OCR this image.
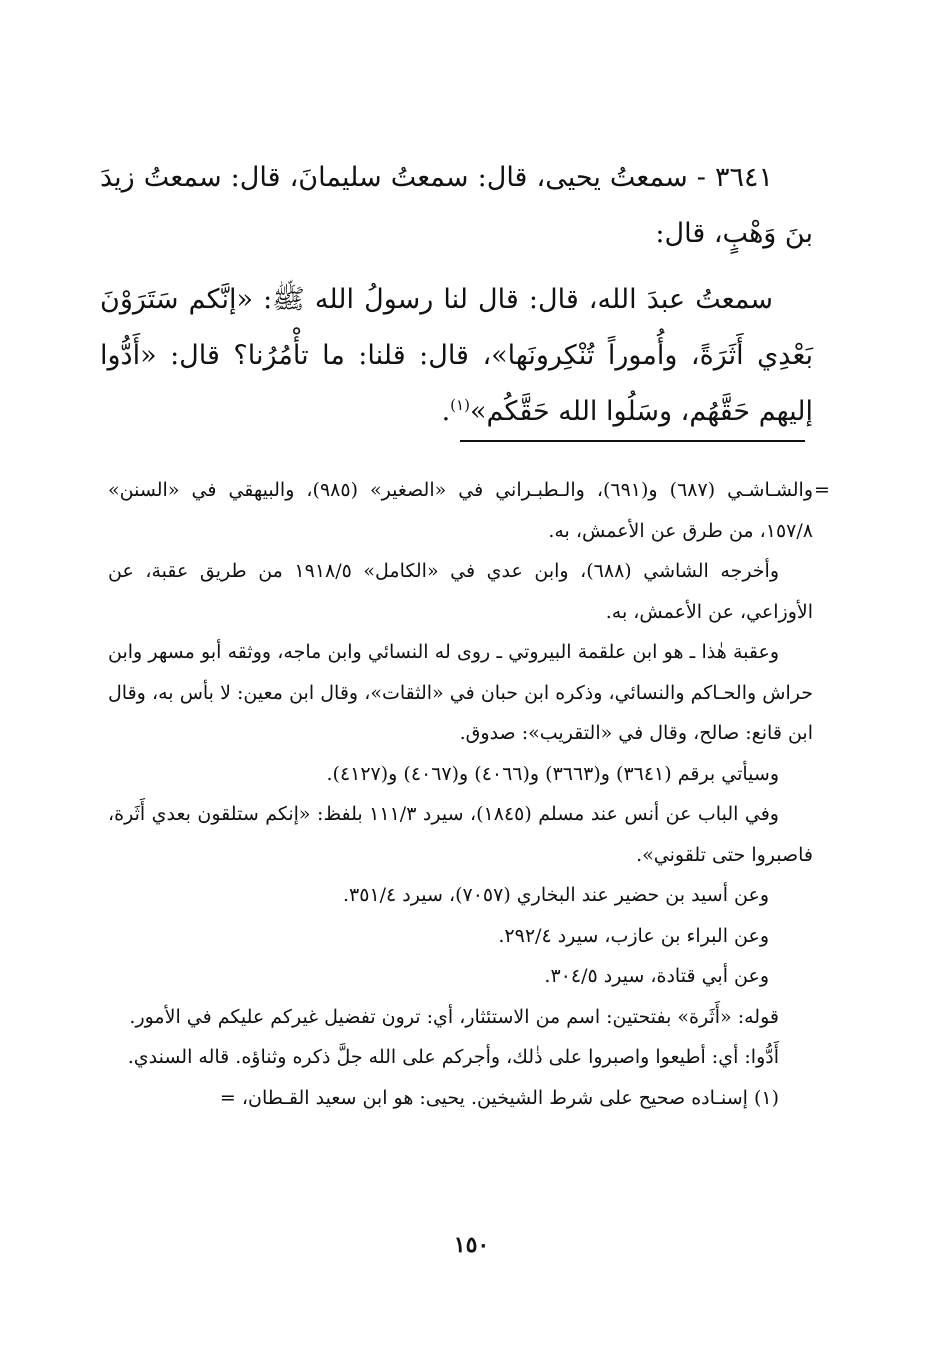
٣٦٤١ - سمعتُ يحيى، قال: سمعتُ سليمانَ، قال: سمعتُ زيدَ بنَ وَهْبٍ، قال:

سمعتُ عبدَ الله، قال: قال لنا رسولُ الله ﷺ: «إنَّكم سَتَرَوْنَ بَعْدِي أَثَرَةً، وأُموراً تُنْكِرونَها»، قال: قلنا: ما تأْمُرُنا؟ قال: «أَدُّوا إليهم حَقَّهُم، وسَلُوا الله حَقَّكُم»$^{(١)}$.

=

والشـاشـي (٦٨٧) و(٦٩١)، والـطبـراني في «الصغير» (٩٨٥)، والبيهقي في «السنن» ١٥٧/٨، من طرق عن الأعمش، به.

وأخرجه الشاشي (٦٨٨)، وابن عدي في «الكامل» ١٩١٨/٥ من طريق عقبة، عن الأوزاعي، عن الأعمش، به.

وعقبة هٰذا ـ هو ابن علقمة البيروتي ـ روى له النسائي وابن ماجه، ووثقه أبو مسهر وابن حراش والحـاكم والنسائي، وذكره ابن حبان في «الثقات»، وقال ابن معين: لا بأس به، وقال ابن قانع: صالح، وقال في «التقريب»: صدوق.

وسيأتي برقم (٣٦٤١) و(٣٦٦٣) و(٤٠٦٦) و(٤٠٦٧) و(٤١٢٧).

وفي الباب عن أنس عند مسلم (١٨٤٥)، سيرد ١١١/٣ بلفظ: «إنكم ستلقون بعدي أَثَرة، فاصبروا حتى تلقوني».

وعن أسيد بن حضير عند البخاري (٧٠٥٧)، سيرد ٣٥١/٤.

وعن البراء بن عازب، سيرد ٢٩٢/٤.

وعن أبي قتادة، سيرد ٣٠٤/٥.

قوله: «أَثَرة» بفتحتين: اسم من الاستئثار، أي: ترون تفضيل غيركم عليكم في الأمور.

أَدُّوا: أي: أطيعوا واصبروا على ذٰلك، وأجركم على الله جلَّ ذكره وثناؤه. قاله السندي.

(١) إسنـاده صحيح على شرط الشيخين. يحيى: هو ابن سعيد القـطان، =

١٥٠
